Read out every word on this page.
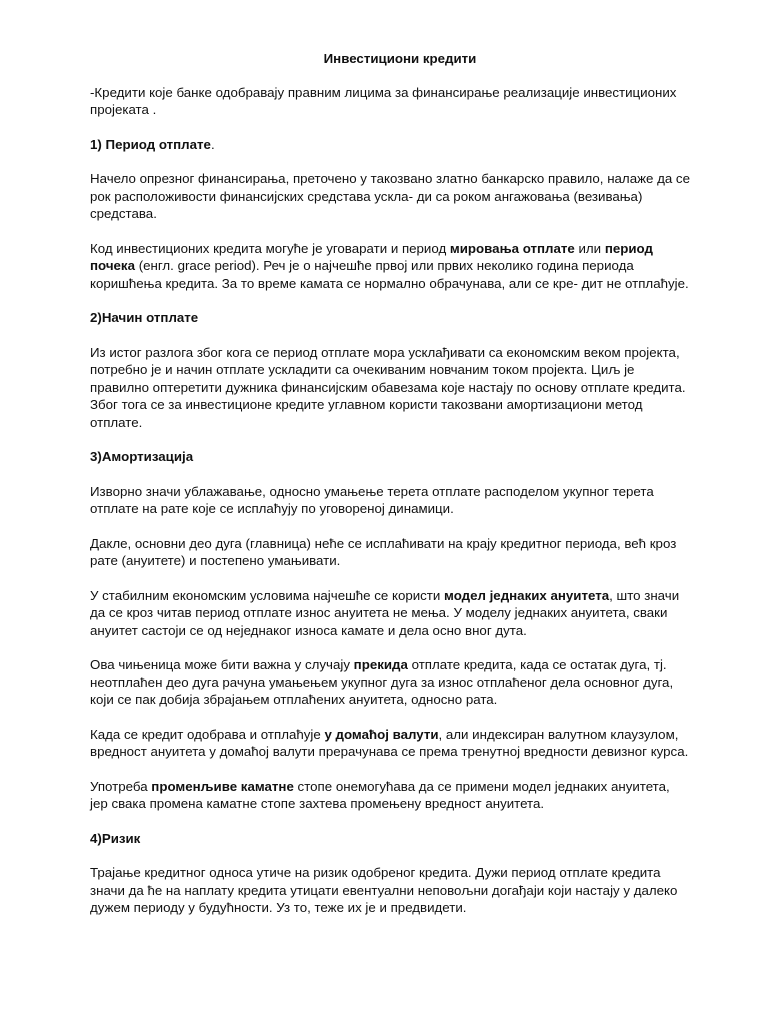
Инвестициони кредити

-Кредити које банке одобравају правним лицима за финансирање реализације инвестиционих пројеката .

1) Период отплате.

Начело опрезног финансирања, преточено у такозвано златно банкарско правило, налаже да се рок расположивости финансијских средстава ускла- ди са роком ангажовања (везивања) средстава.

Код инвестиционих кредита могуће је уговарати и период мировања отплате или период почека (енгл. grace period). Реч је о најчешће првој или првих неколико година периода коришћења кредита. За то време камата се нормално обрачунава, али се кре- дит не отплаћује.

2)Начин отплате

Из истог разлога због кога се период отплате мора усклађивати са економским веком пројекта, потребно је и начин отплате ускладити са очекиваним новчаним током пројекта. Циљ је правилно оптеретити дужника финансијским обавезама које настају по основу отплате кредита. Због тога се за инвестиционе кредите углавном користи такозвани амортизациони метод отплате.

3)Амортизација

Изворно значи ублажавање, односно умањење терета отплате расподелом укупног терета отплате на рате које се исплаћују по уговореној динамици.

Дакле, основни део дуга (главница) неће се исплаћивати на крају кредитног периода, већ кроз рате (ануитете) и постепено умањивати.

У стабилним економским условима најчешће се користи модел једнаких ануитета, што значи да се кроз читав период отплате износ ануитета не мења. У моделу једнаких ануитета, сваки ануитет састоји се од неједнаког износа камате и дела осно вног дута.

Ова чињеница може бити важна у случају прекида отплате кредита, када се остатак дуга, тј. неотплаћен део дуга рачуна умањењем укупног дуга за износ отплаћеног дела основног дуга, који се пак добија збрајањем отплаћених ануитета, односно рата.

Када се кредит одобрава и отплаћује у домаћој валути, али индексиран валутном клаузулом, вредност ануитета у домаћој валути прерачунава се према тренутној вредности девизног курса.

Употреба променљиве каматне стопе онемогућава да се примени модел једнаких ануитета, јер свака промена каматне стопе захтева промењену вредност ануитета.

4)Ризик

Трајање кредитног односа утиче на ризик одобреног кредита. Дужи период отплате кредита значи да ће на наплату кредита утицати евентуални неповољни догађаји који настају у далеко дужем периоду у будућности. Уз то, теже их је и предвидети.
